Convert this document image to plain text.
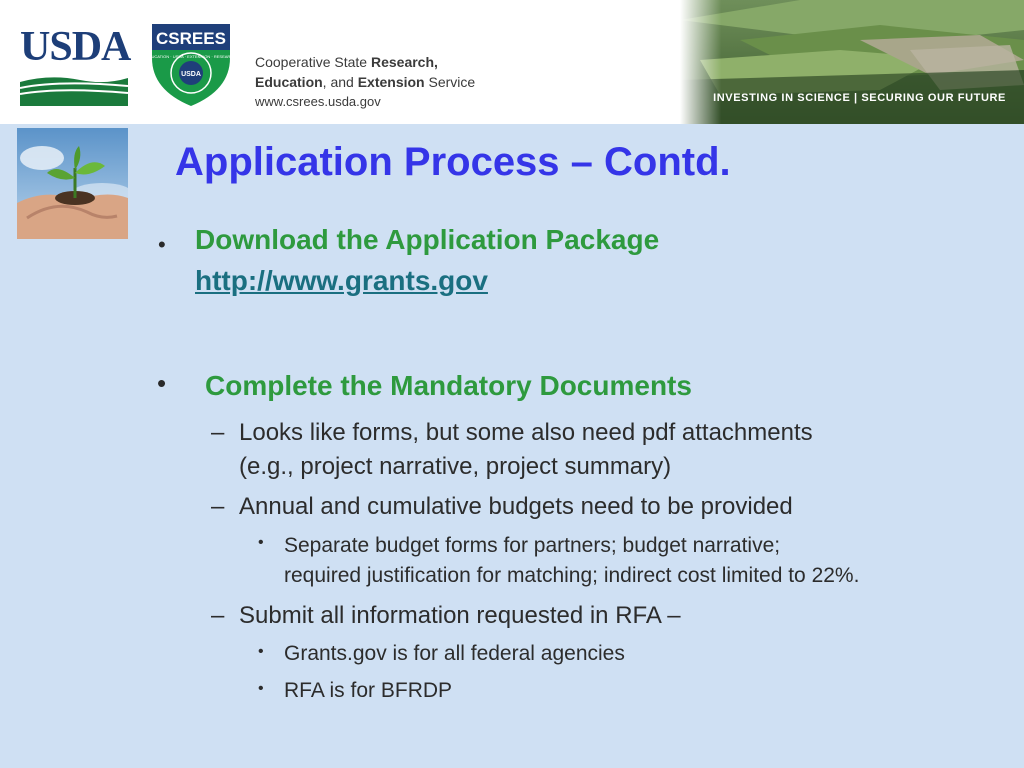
USDA CSREES
USDA
EDUCATION · USDA · EXTENSION · RESEARCH Cooperative State Research,
Education, and Extension Service
www.csrees.usda.gov	INVESTING IN SCIENCE | SECURING OUR FUTURE
Application Process – Contd.
• Download the Application Package
http://www.grants.gov
• Complete the Mandatory Documents
– Looks like forms, but some also need pdf attachments
(e.g., project narrative, project summary)
– Annual and cumulative budgets need to be provided
• Separate budget forms for partners; budget narrative;
required justification for matching; indirect cost limited to 22%.
– Submit all information requested in RFA –
• Grants.gov is for all federal agencies
• RFA is for BFRDP
